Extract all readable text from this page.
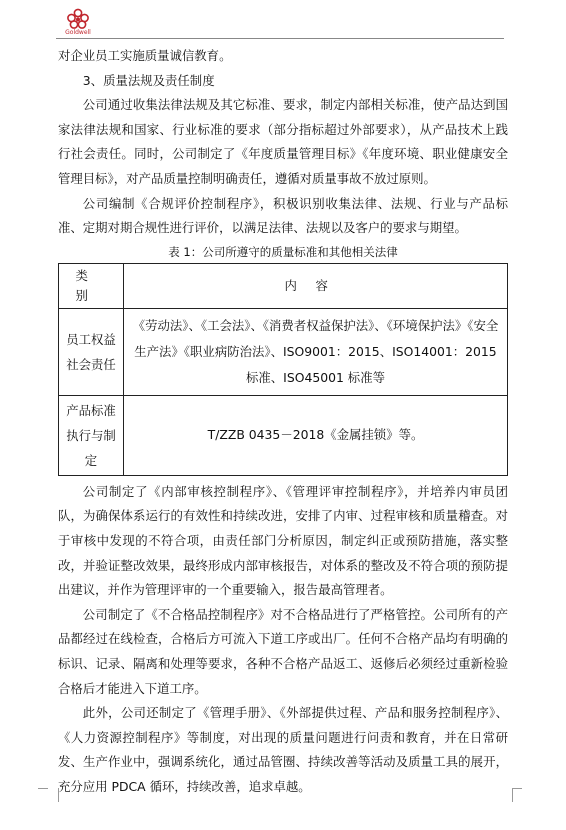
Goldwell

对企业员工实施质量诚信教育。

3、质量法规及责任制度

公司通过收集法律法规及其它标准、要求，制定内部相关标准，使产品达到国家法律法规和国家、行业标准的要求（部分指标超过外部要求），从产品技术上践行社会责任。同时，公司制定了《年度质量管理目标》《年度环境、职业健康安全管理目标》，对产品质量控制明确责任，遵循对质量事故不放过原则。

公司编制《合规评价控制程序》，积极识别收集法律、法规、行业与产品标准、定期对期合规性进行评价，以满足法律、法规以及客户的要求与期望。

表 1：公司所遵守的质量标准和其他相关法律

类别	内容
员工权益社会责任	《劳动法》、《工会法》、《消费者权益保护法》、《环境保护法》《安全生产法》《职业病防治法》、ISO9001：2015、ISO14001：2015 标准、ISO45001 标准等
产品标准执行与制定	T/ZZB 0435－2018《金属挂锁》等。

公司制定了《内部审核控制程序》、《管理评审控制程序》，并培养内审员团队，为确保体系运行的有效性和持续改进，安排了内审、过程审核和质量稽查。对于审核中发现的不符合项，由责任部门分析原因，制定纠正或预防措施，落实整改，并验证整改效果，最终形成内部审核报告，对体系的整改及不符合项的预防提出建议，并作为管理评审的一个重要输入，报告最高管理者。

公司制定了《不合格品控制程序》对不合格品进行了严格管控。公司所有的产品都经过在线检查，合格后方可流入下道工序或出厂。任何不合格产品均有明确的标识、记录、隔离和处理等要求，各种不合格产品返工、返修后必须经过重新检验合格后才能进入下道工序。

此外，公司还制定了《管理手册》、《外部提供过程、产品和服务控制程序》、《人力资源控制程序》等制度，对出现的质量问题进行问责和教育，并在日常研发、生产作业中，强调系统化，通过品管圈、持续改善等活动及质量工具的展开，充分应用 PDCA 循环，持续改善，追求卓越。
